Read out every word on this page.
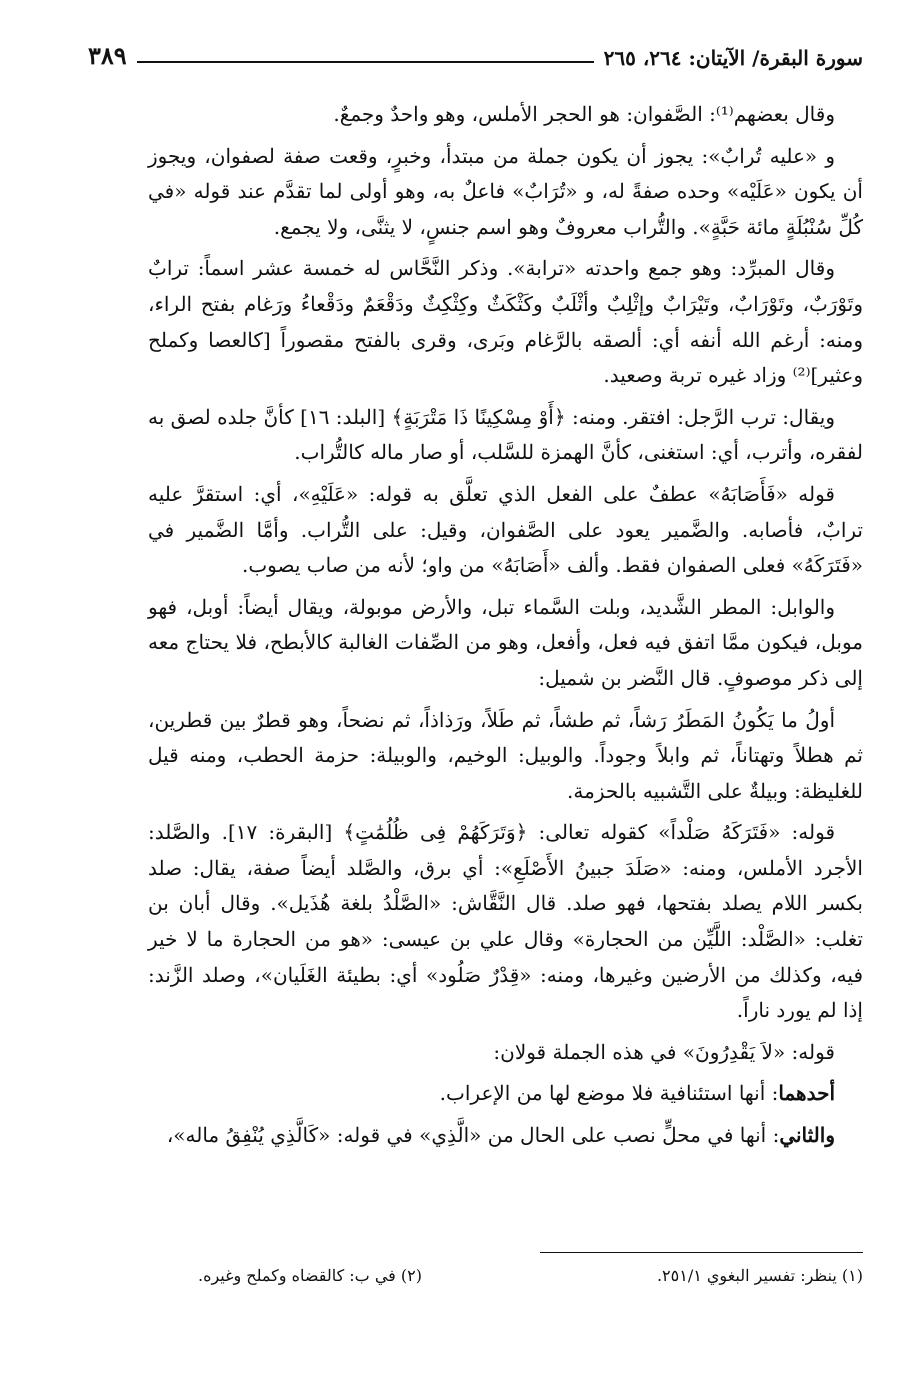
سورة البقرة/ الآيتان: ٢٦٤، ٢٦٥
٣٨٩

وقال بعضهم⁽¹⁾: الصَّفوان: هو الحجر الأملس، وهو واحدٌ وجمعٌ.

و «عليه تُرابٌ»: يجوز أن يكون جملة من مبتدأ، وخبرٍ، وقعت صفة لصفوان، ويجوز أن يكون «عَلَيْه» وحده صفةً له، و «تُرَابٌ» فاعلٌ به، وهو أولى لما تقدَّم عند قوله «في كُلِّ سُنْبُلَةٍ مائة حَبَّةٍ». والتُّراب معروفٌ وهو اسم جنسٍ، لا يثنَّى، ولا يجمع.

وقال المبرِّد: وهو جمع واحدته «ترابة». وذكر النَّحَّاس له خمسة عشر اسماً: ترابٌ وتَوْرَبٌ، وتَوْرَابٌ، وتَيْرَابٌ وإثْلِبٌ وأثْلَبٌ وكَثْكَثٌ وكِثْكِثٌ ودَقْعَمٌ ودَقْعاءُ ورَغام بفتح الراء، ومنه: أرغم الله أنفه أي: ألصقه بالرَّغام وبَرى، وقرى بالفتح مقصوراً [كالعصا وكملح وعثير]⁽²⁾ وزاد غيره تربة وصعيد.

ويقال: ترب الرَّجل: افتقر. ومنه: ﴿أَوْ مِسْكِينًا ذَا مَتْرَبَةٍ﴾ [البلد: ١٦] كأنَّ جلده لصق به لفقره، وأترب، أي: استغنى، كأنَّ الهمزة للسَّلب، أو صار ماله كالتُّراب.

قوله «فَأَصَابَهُ» عطفٌ على الفعل الذي تعلَّق به قوله: «عَلَيْهِ»، أي: استقرَّ عليه ترابٌ، فأصابه. والضَّمير يعود على الصَّفوان، وقيل: على التُّراب. وأمَّا الضَّمير في «فَتَرَكَهُ» فعلى الصفوان فقط. وألف «أَصَابَهُ» من واو؛ لأنه من صاب يصوب.

والوابل: المطر الشَّديد، وبلت السَّماء تبل، والأرض موبولة، ويقال أيضاً: أوبل، فهو موبل، فيكون ممَّا اتفق فيه فعل، وأفعل، وهو من الصِّفات الغالبة كالأبطح، فلا يحتاج معه إلى ذكر موصوفٍ. قال النَّضر بن شميل:

أولُ ما يَكُونُ المَطَرُ رَشاً، ثم طشاً، ثم طَلاً، ورَذاذاً، ثم نضحاً، وهو قطرٌ بين قطرين، ثم هطلاً وتهتاناً، ثم وابلاً وجوداً. والوبيل: الوخيم، والوبيلة: حزمة الحطب، ومنه قيل للغليظة: وبيلةٌ على التَّشبيه بالحزمة.

قوله: «فَتَرَكَهُ صَلْداً» كقوله تعالى: ﴿وَتَرَكَهُمْ فِى ظُلُمَٰتٍ﴾ [البقرة: ١٧]. والصَّلد: الأجرد الأملس، ومنه: «صَلَدَ جبينُ الأَصْلَعِ»: أي برق، والصَّلد أيضاً صفة، يقال: صلد بكسر اللام يصلد بفتحها، فهو صلد. قال النَّقَّاش: «الصَّلْدُ بلغة هُذَيل». وقال أبان بن تغلب: «الصَّلْد: اللَّيِّن من الحجارة» وقال علي بن عيسى: «هو من الحجارة ما لا خير فيه، وكذلك من الأرضين وغيرها، ومنه: «قِدْرٌ صَلُود» أي: بطيئة الغَلَيان»، وصلد الزَّند: إذا لم يورد ناراً.

قوله: «لاَ يَقْدِرُونَ» في هذه الجملة قولان:

أحدهما: أنها استئنافية فلا موضع لها من الإعراب.

والثاني: أنها في محلٍّ نصب على الحال من «الَّذِي» في قوله: «كَالَّذِي يُنْفِقُ ماله»،

(١) ينظر: تفسير البغوي ٢٥١/١.
(٢) في ب: كالقضاه وكملح وغيره.
